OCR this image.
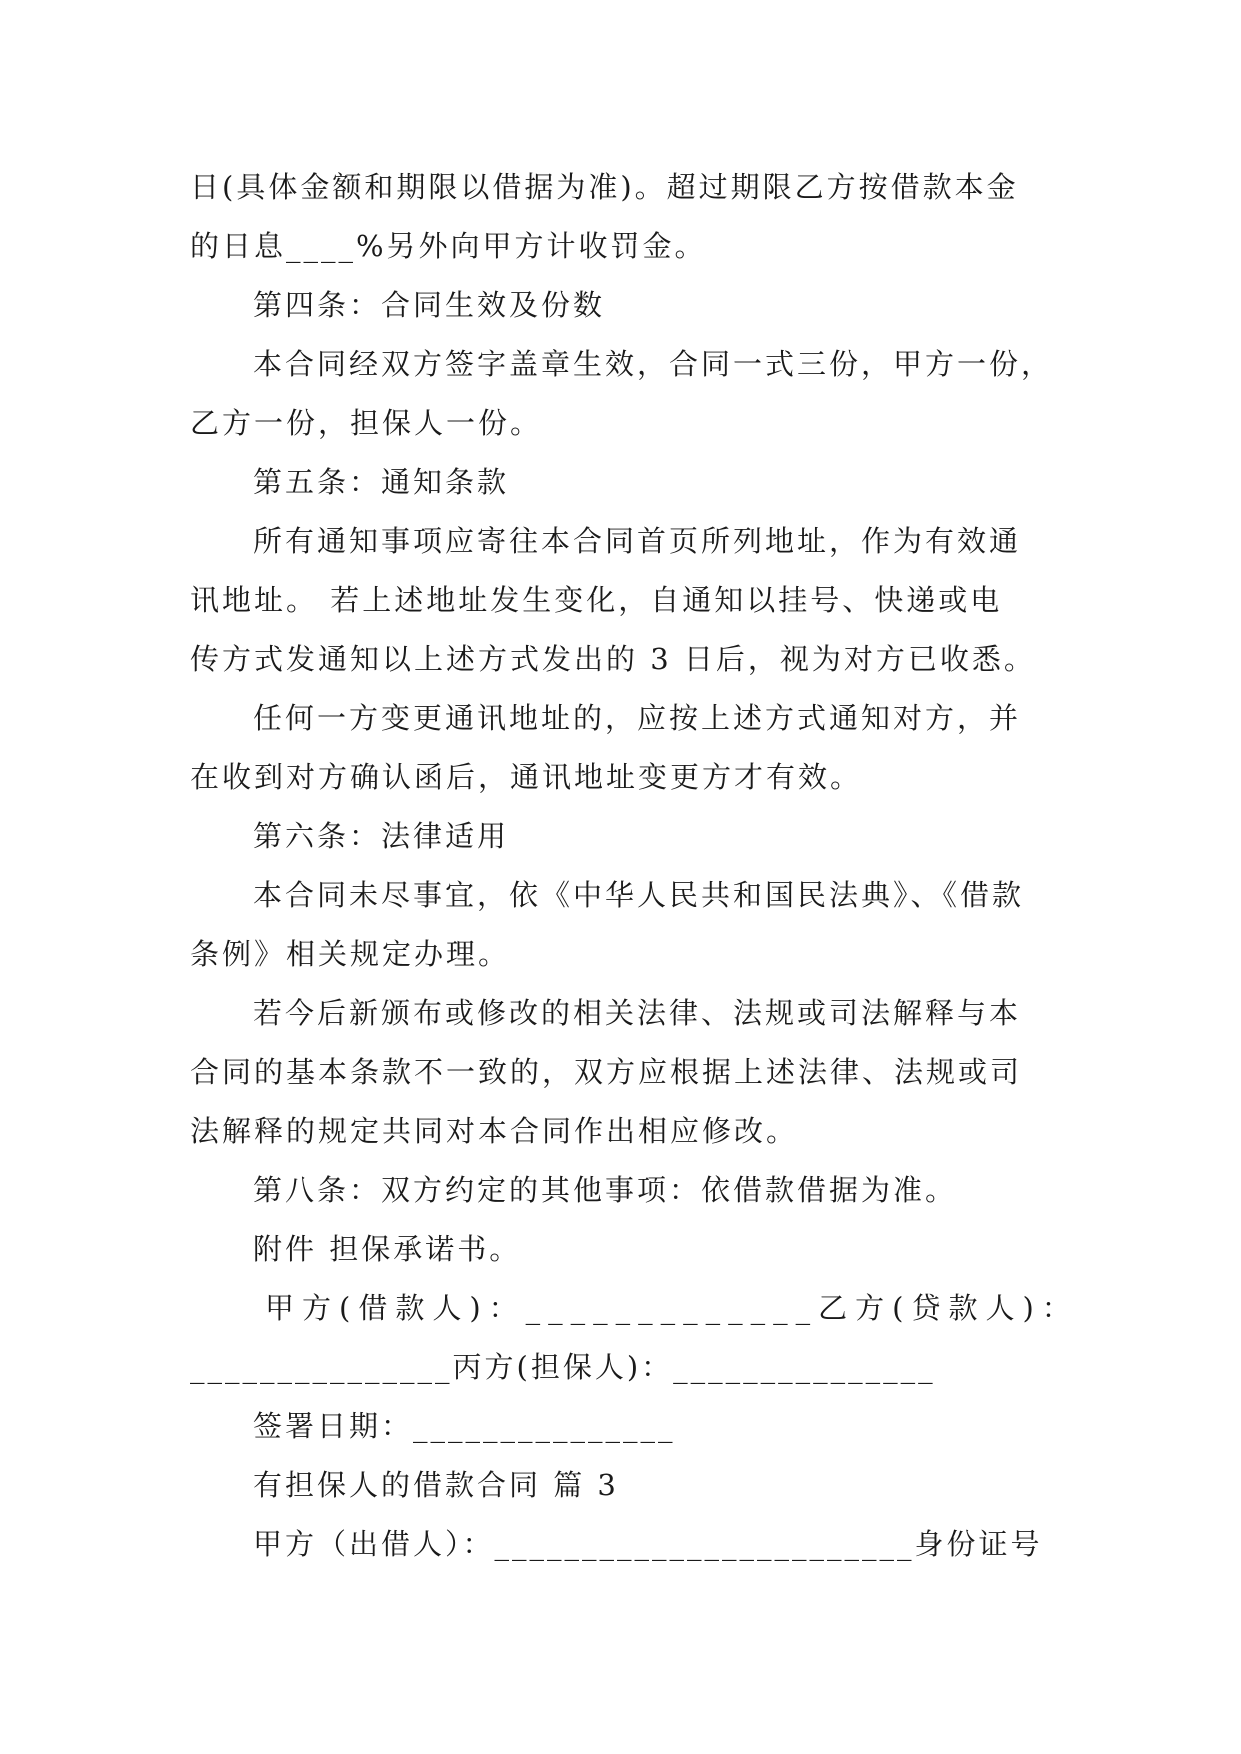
日(具体金额和期限以借据为准)。超过期限乙方按借款本金
的日息____%另外向甲方计收罚金。
第四条：合同生效及份数
本合同经双方签字盖章生效，合同一式三份，甲方一份，
乙方一份，担保人一份。
第五条：通知条款
所有通知事项应寄往本合同首页所列地址，作为有效通
讯地址。 若上述地址发生变化，自通知以挂号、快递或电
传方式发通知以上述方式发出的 3 日后，视为对方已收悉。
任何一方变更通讯地址的，应按上述方式通知对方，并
在收到对方确认函后，通讯地址变更方才有效。
第六条：法律适用
本合同未尽事宜，依《中华人民共和国民法典》、《借款
条例》相关规定办理。
若今后新颁布或修改的相关法律、法规或司法解释与本
合同的基本条款不一致的，双方应根据上述法律、法规或司
法解释的规定共同对本合同作出相应修改。
第八条：双方约定的其他事项：依借款借据为准。
附件 担保承诺书。
甲方(借款人)：_____________乙方(贷款人)：
_______________丙方(担保人)：_______________
签署日期：_______________
有担保人的借款合同 篇 3
甲方（出借人）：________________________身份证号
